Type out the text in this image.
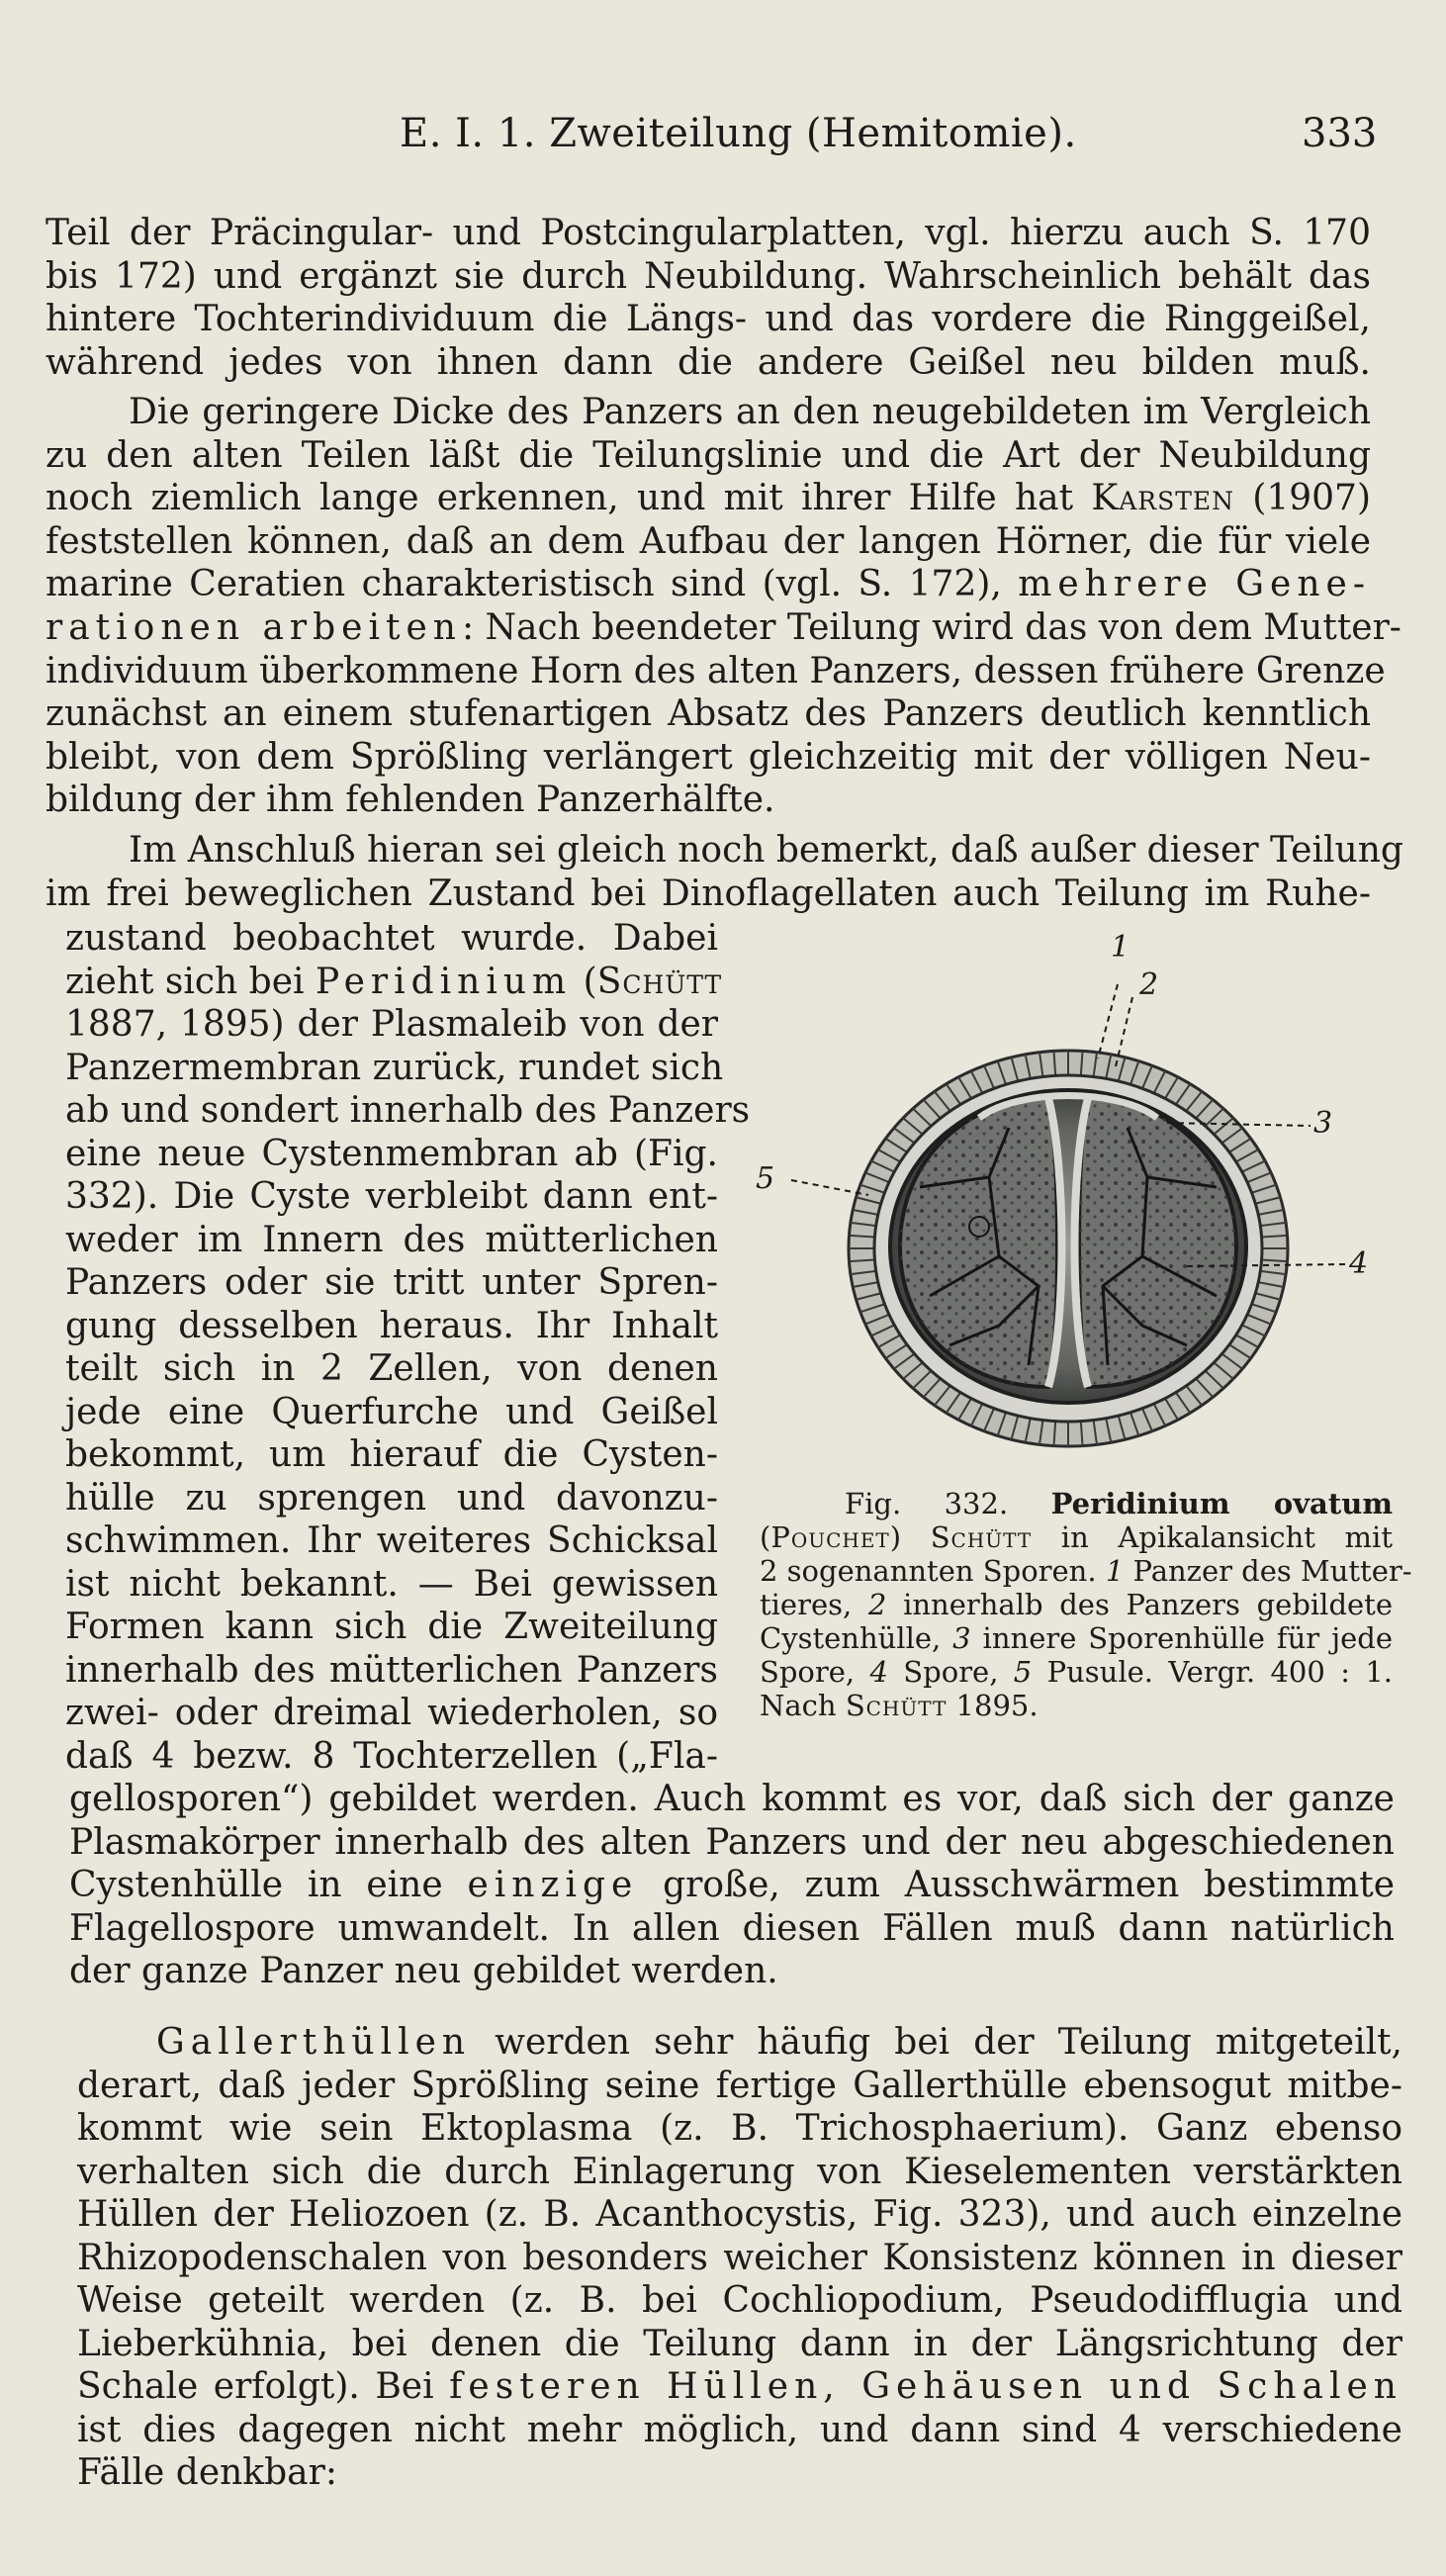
E. I. 1. Zweiteilung (Hemitomie).	333
Teil der Präcingular- und Postcingularplatten, vgl. hierzu auch S. 170
bis 172) und ergänzt sie durch Neubildung. Wahrscheinlich behält das
hintere Tochterindividuum die Längs- und das vordere die Ringgeißel,
während jedes von ihnen dann die andere Geißel neu bilden muß.
Die geringere Dicke des Panzers an den neugebildeten im Vergleich
zu den alten Teilen läßt die Teilungslinie und die Art der Neubildung
noch ziemlich lange erkennen, und mit ihrer Hilfe hat Karsten (1907)
feststellen können, daß an dem Aufbau der langen Hörner, die für viele
marine Ceratien charakteristisch sind (vgl. S. 172), mehrere Gene-
rationen arbeiten: Nach beendeter Teilung wird das von dem Mutter-
individuum überkommene Horn des alten Panzers, dessen frühere Grenze
zunächst an einem stufenartigen Absatz des Panzers deutlich kenntlich
bleibt, von dem Sprößling verlängert gleichzeitig mit der völligen Neu-
bildung der ihm fehlenden Panzerhälfte.
Im Anschluß hieran sei gleich noch bemerkt, daß außer dieser Teilung
im frei beweglichen Zustand bei Dinoflagellaten auch Teilung im Ruhe-
zustand beobachtet wurde. Dabei
zieht sich bei Peridinium (Schütt
1887, 1895) der Plasmaleib von der
Panzermembran zurück, rundet sich
ab und sondert innerhalb des Panzers
eine neue Cystenmembran ab (Fig.
332). Die Cyste verbleibt dann ent-
weder im Innern des mütterlichen
Panzers oder sie tritt unter Spren-
gung desselben heraus. Ihr Inhalt
teilt sich in 2 Zellen, von denen
jede eine Querfurche und Geißel
bekommt, um hierauf die Cysten-
hülle zu sprengen und davonzu-
schwimmen. Ihr weiteres Schicksal
ist nicht bekannt. — Bei gewissen
Formen kann sich die Zweiteilung
innerhalb des mütterlichen Panzers
zwei- oder dreimal wiederholen, so
daß 4 bezw. 8 Tochterzellen („Fla-
1
2
3
4
5
Fig. 332. Peridinium ovatum
(Pouchet) Schütt in Apikalansicht mit
2 sogenannten Sporen. 1 Panzer des Mutter-
tieres, 2 innerhalb des Panzers gebildete
Cystenhülle, 3 innere Sporenhülle für jede
Spore, 4 Spore, 5 Pusule. Vergr. 400 : 1.
Nach Schütt 1895.
gellosporen“) gebildet werden. Auch kommt es vor, daß sich der ganze
Plasmakörper innerhalb des alten Panzers und der neu abgeschiedenen
Cystenhülle in eine einzige große, zum Ausschwärmen bestimmte
Flagellospore umwandelt. In allen diesen Fällen muß dann natürlich
der ganze Panzer neu gebildet werden.
Gallerthüllen werden sehr häufig bei der Teilung mitgeteilt,
derart, daß jeder Sprößling seine fertige Gallerthülle ebensogut mitbe-
kommt wie sein Ektoplasma (z. B. Trichosphaerium). Ganz ebenso
verhalten sich die durch Einlagerung von Kieselementen verstärkten
Hüllen der Heliozoen (z. B. Acanthocystis, Fig. 323), und auch einzelne
Rhizopodenschalen von besonders weicher Konsistenz können in dieser
Weise geteilt werden (z. B. bei Cochliopodium, Pseudodifflugia und
Lieberkühnia, bei denen die Teilung dann in der Längsrichtung der
Schale erfolgt). Bei festeren Hüllen, Gehäusen und Schalen
ist dies dagegen nicht mehr möglich, und dann sind 4 verschiedene
Fälle denkbar:
